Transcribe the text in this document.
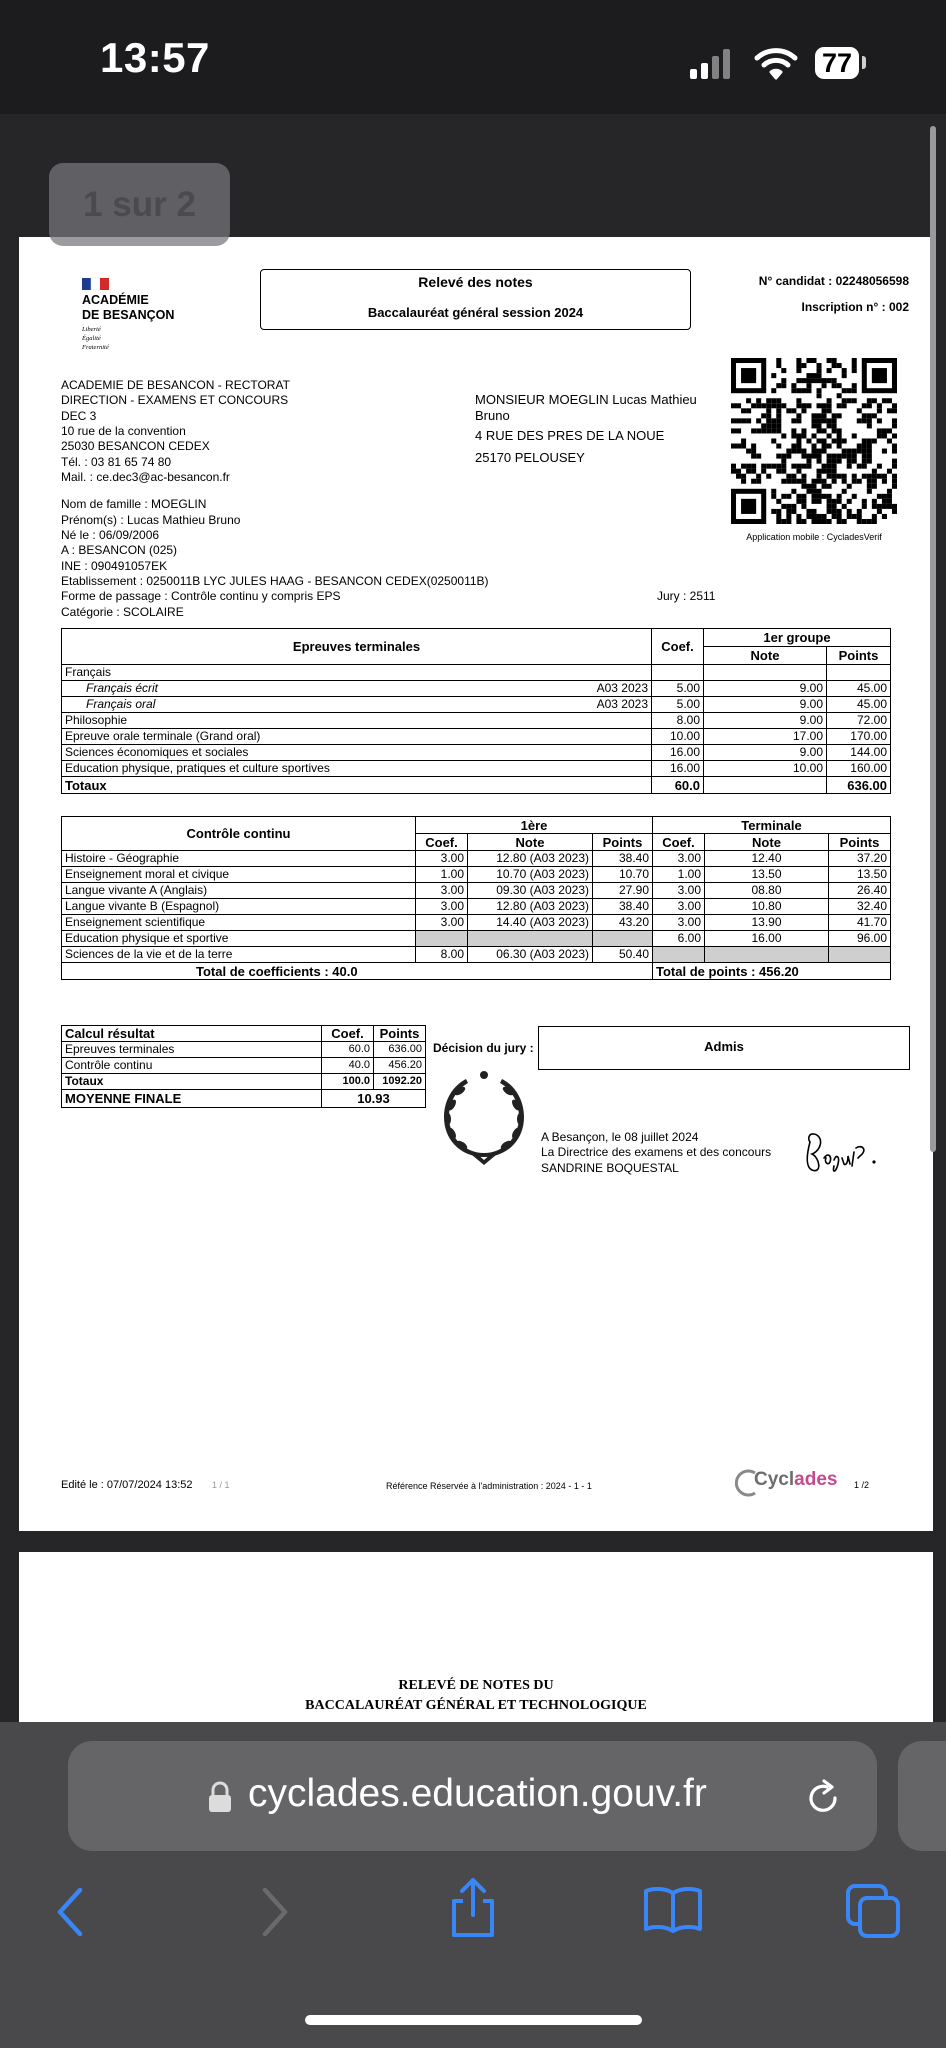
13:57	77
ACADÉMIE
DE BESANÇON
Liberté
Égalité
Fraternité
Relevé des notes
Baccalauréat général session 2024
N° candidat : 02248056598
Inscription n° : 002
Application mobile : CycladesVerif
ACADEMIE DE BESANCON - RECTORAT
DIRECTION - EXAMENS ET CONCOURS
DEC 3
10 rue de la convention
25030 BESANCON CEDEX
Tél. : 03 81 65 74 80
Mail. : ce.dec3@ac-besancon.fr
MONSIEUR MOEGLIN Lucas Mathieu
Bruno
4 RUE DES PRES DE LA NOUE
25170 PELOUSEY
Nom de famille : MOEGLIN
Prénom(s) : Lucas Mathieu Bruno
Né le : 06/09/2006
A : BESANCON (025)
INE : 090491057EK
Etablissement : 0250011B LYC JULES HAAG - BESANCON CEDEX(0250011B)
Forme de passage : Contrôle continu y compris EPS
Catégorie : SCOLAIRE
Jury : 2511
Epreuves terminales	Coef.	1er groupe	
		Note	Points
Français

Français écrit A03 2023	5.00	9.00	45.00
Français oral A03 2023	5.00	9.00	45.00
Philosophie	8.00	9.00	72.00
Epreuve orale terminale (Grand oral)	10.00	17.00	170.00
Sciences économiques et sociales	16.00	9.00	144.00
Education physique, pratiques et culture sportives	16.00	10.00	160.00
Totaux	60.0		636.00
Contrôle continu	1ère			Terminale		
	Coef.	Note	Points	Coef.	Note	Points
Histoire - Géographie	3.00	12.80 (A03 2023)	38.40	3.00	12.40	37.20
Enseignement moral et civique	1.00	10.70 (A03 2023)	10.70	1.00	13.50	13.50
Langue vivante A (Anglais)	3.00	09.30 (A03 2023)	27.90	3.00	08.80	26.40
Langue vivante B (Espagnol)	3.00	12.80 (A03 2023)	38.40	3.00	10.80	32.40
Enseignement scientifique	3.00	14.40 (A03 2023)	43.20	3.00	13.90	41.70
Education physique et sportive				6.00	16.00	96.00
Sciences de la vie et de la terre	8.00	06.30 (A03 2023)	50.40			
Total de coefficients : 40.0				Total de points : 456.20		
Calcul résultat	Coef.	Points
Epreuves terminales	60.0	636.00
Contrôle continu	40.0	456.20
Totaux	100.0	1092.20
MOYENNE FINALE	10.93	
Décision du jury :	Admis
A Besançon, le 08 juillet 2024
La Directrice des examens et des concours
SANDRINE BOQUESTAL
Edité le : 07/07/2024 13:52 1 / 1	Référence Réservée à l'administration : 2024 - 1 - 1	Cyclades 1 /2
RELEVÉ DE NOTES DU
BACCALAURÉAT GÉNÉRAL ET TECHNOLOGIQUE
1 sur 2
cyclades.education.gouv.fr
